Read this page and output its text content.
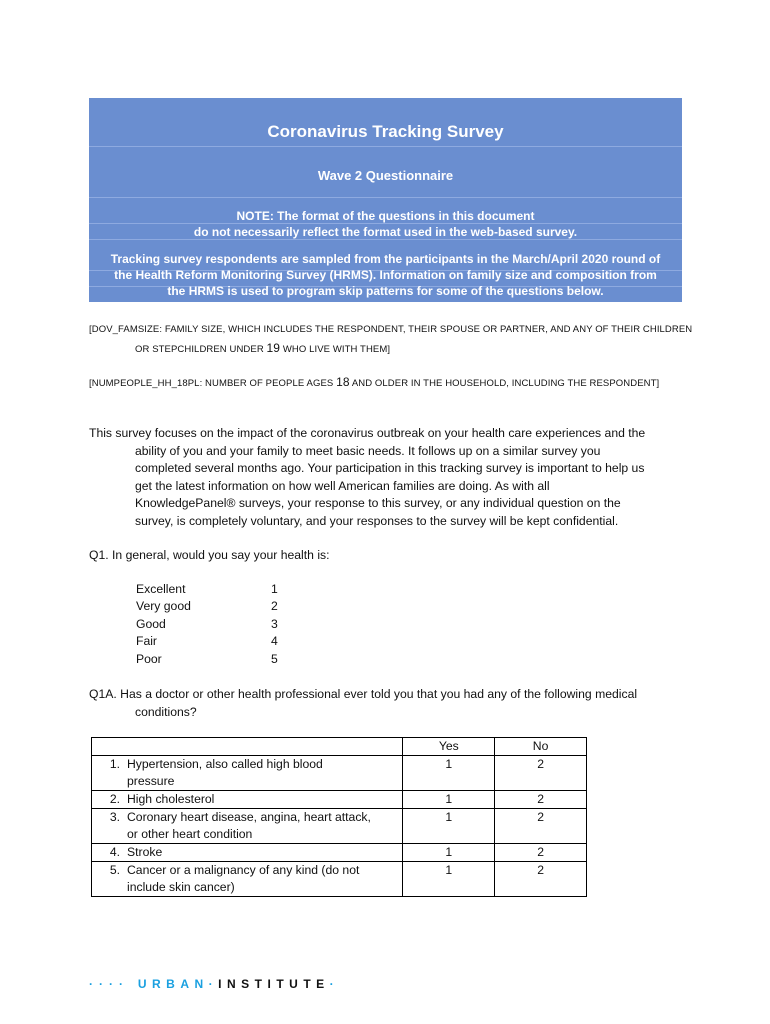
Coronavirus Tracking Survey
Wave 2 Questionnaire
NOTE: The format of the questions in this document
do not necessarily reflect the format used in the web-based survey.
Tracking survey respondents are sampled from the participants in the March/April 2020 round of
the Health Reform Monitoring Survey (HRMS). Information on family size and composition from
the HRMS is used to program skip patterns for some of the questions below.
[DOV_FAMSIZE: FAMILY SIZE, WHICH INCLUDES THE RESPONDENT, THEIR SPOUSE OR PARTNER, AND ANY OF THEIR CHILDREN
OR STEPCHILDREN UNDER 19 WHO LIVE WITH THEM]
[NUMPEOPLE_HH_18PL: NUMBER OF PEOPLE AGES 18 AND OLDER IN THE HOUSEHOLD, INCLUDING THE RESPONDENT]
This survey focuses on the impact of the coronavirus outbreak on your health care experiences and the
ability of you and your family to meet basic needs. It follows up on a similar survey you
completed several months ago. Your participation in this tracking survey is important to help us
get the latest information on how well American families are doing. As with all
KnowledgePanel® surveys, your response to this survey, or any individual question on the
survey, is completely voluntary, and your responses to the survey will be kept confidential.
Q1. In general, would you say your health is:
Excellent	1
Very good	2
Good	3
Fair	4
Poor	5
Q1A. Has a doctor or other health professional ever told you that you had any of the following medical
conditions?
	Yes	No

1. Hypertension, also called high blood
pressure	1	2

2. High cholesterol	1	2

3. Coronary heart disease, angina, heart attack,
or other heart condition	1	2

4. Stroke	1	2

5. Cancer or a malignancy of any kind (do not
include skin cancer)	1	2
···· URBAN·INSTITUTE·
